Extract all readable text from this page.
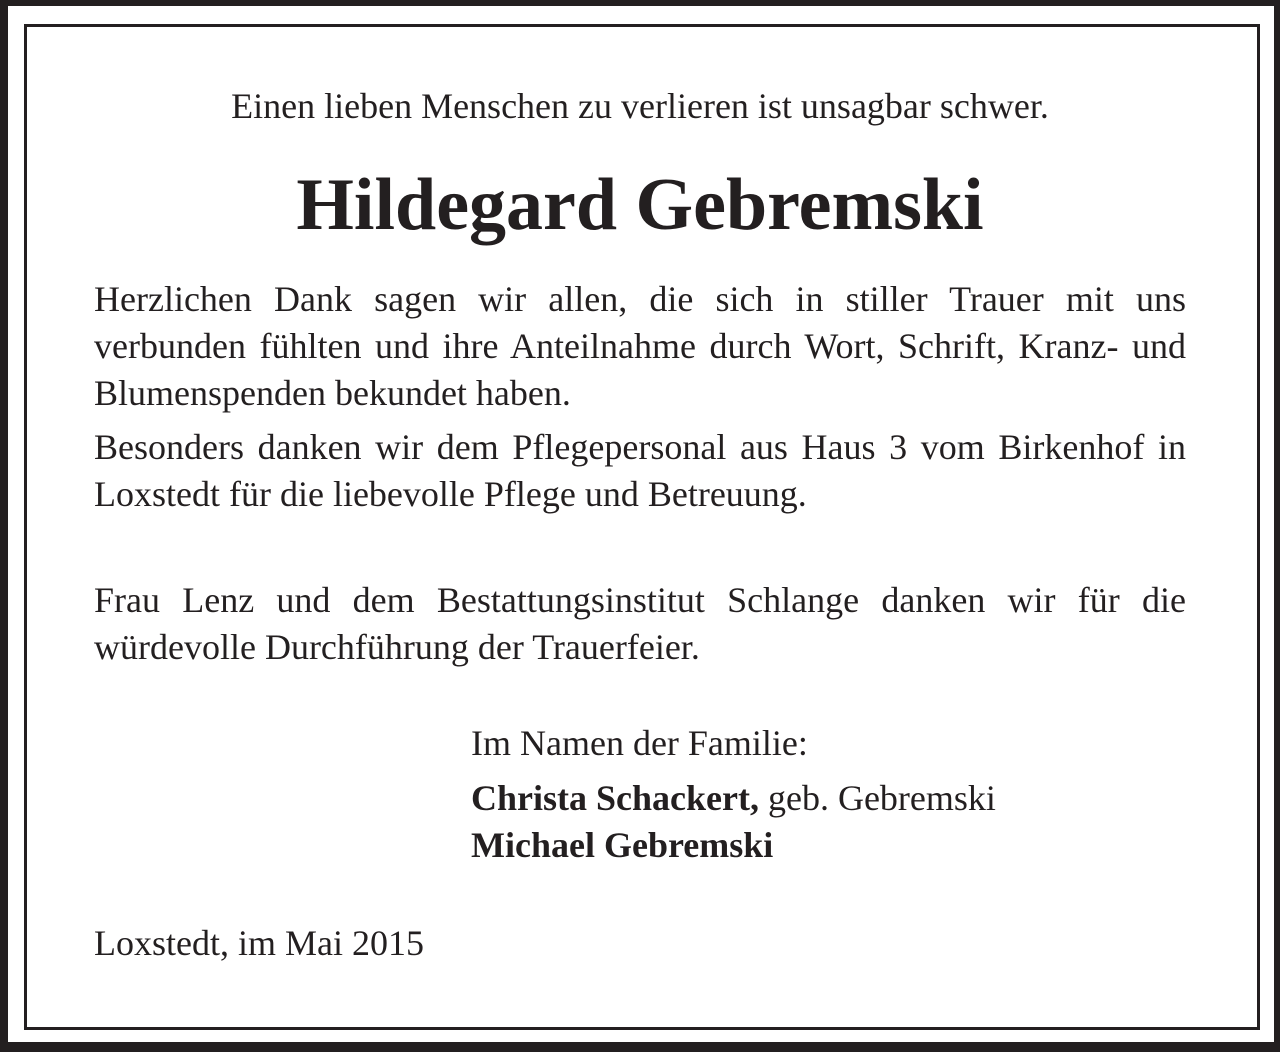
Einen lieben Menschen zu verlieren ist unsagbar schwer.

Hildegard Gebremski

Herzlichen Dank sagen wir allen, die sich in stiller Trauer mit uns verbunden fühlten und ihre Anteilnahme durch Wort, Schrift, Kranz- und Blumenspenden bekundet haben.

Besonders danken wir dem Pflegepersonal aus Haus 3 vom Birkenhof in Loxstedt für die liebevolle Pflege und Betreuung.

Frau Lenz und dem Bestattungsinstitut Schlange danken wir für die würdevolle Durchführung der Trauerfeier.

Im Namen der Familie:

Christa Schackert, geb. Gebremski

Michael Gebremski

Loxstedt, im Mai 2015
